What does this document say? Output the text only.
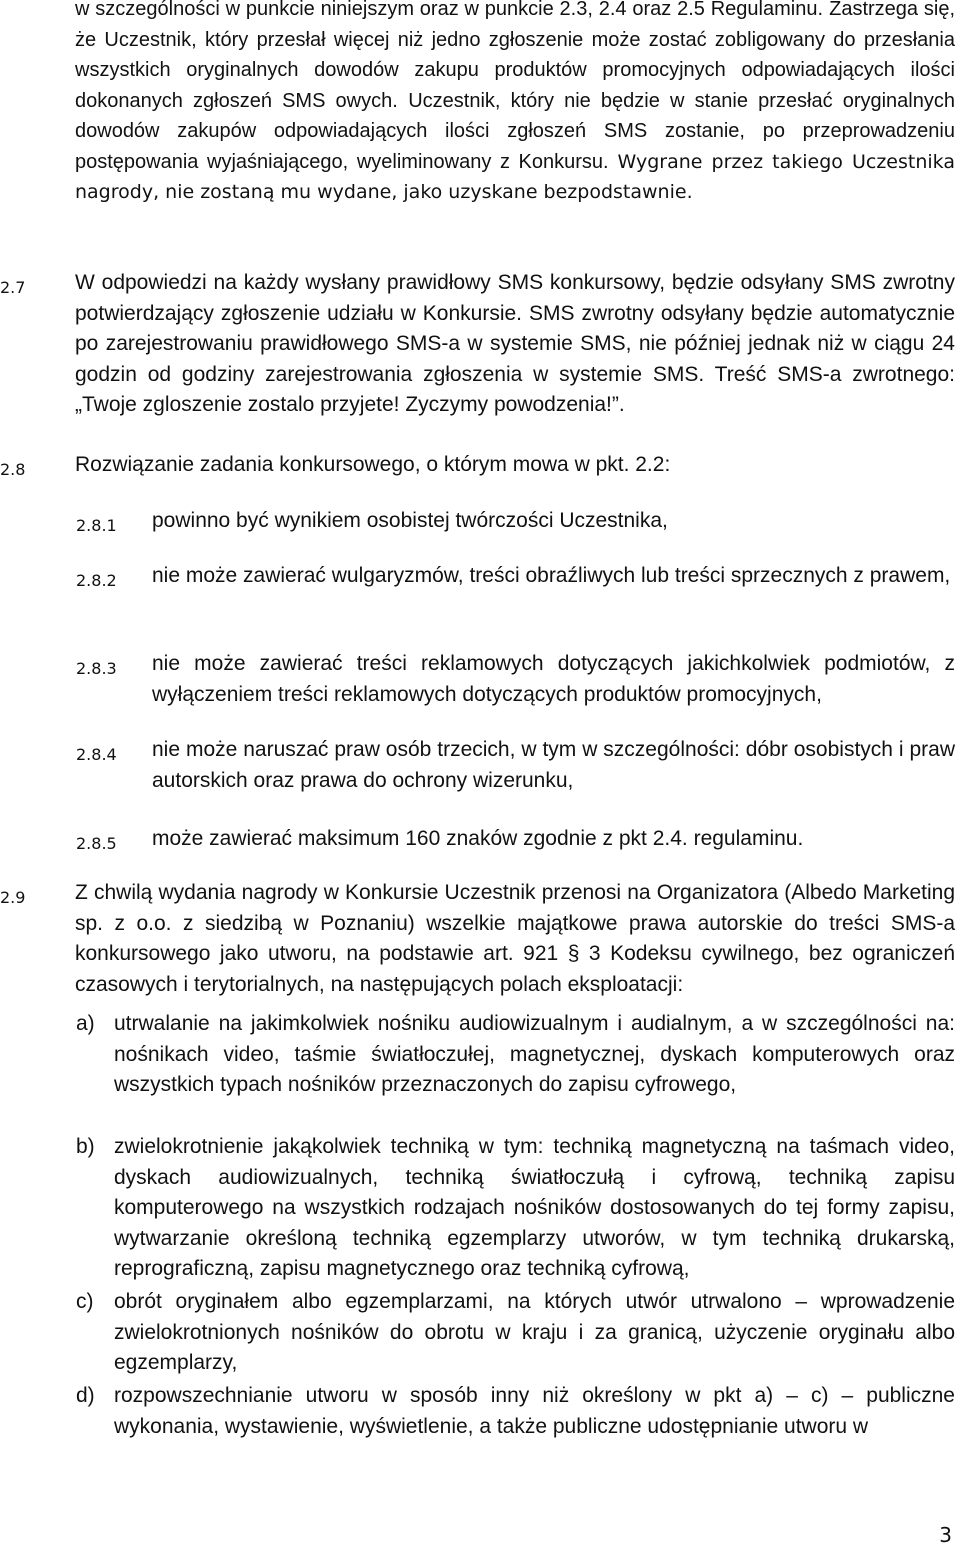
w szczególności w punkcie niniejszym oraz w punkcie 2.3, 2.4 oraz 2.5 Regulaminu. Zastrzega się, że Uczestnik, który przesłał więcej niż jedno zgłoszenie może zostać zobligowany do przesłania wszystkich oryginalnych dowodów zakupu produktów promocyjnych odpowiadających ilości dokonanych zgłoszeń SMS owych. Uczestnik, który nie będzie w stanie przesłać oryginalnych dowodów zakupów odpowiadających ilości zgłoszeń SMS zostanie, po przeprowadzeniu postępowania wyjaśniającego, wyeliminowany z Konkursu. Wygrane przez takiego Uczestnika nagrody, nie zostaną mu wydane, jako uzyskane bezpodstawnie.

2.7 W odpowiedzi na każdy wysłany prawidłowy SMS konkursowy, będzie odsyłany SMS zwrotny potwierdzający zgłoszenie udziału w Konkursie. SMS zwrotny odsyłany będzie automatycznie po zarejestrowaniu prawidłowego SMS-a w systemie SMS, nie później jednak niż w ciągu 24 godzin od godziny zarejestrowania zgłoszenia w systemie SMS. Treść SMS-a zwrotnego: „Twoje zgloszenie zostalo przyjete! Zyczymy powodzenia!”.

2.8 Rozwiązanie zadania konkursowego, o którym mowa w pkt. 2.2:

2.8.1 powinno być wynikiem osobistej twórczości Uczestnika,

2.8.2 nie może zawierać wulgaryzmów, treści obraźliwych lub treści sprzecznych z prawem,

2.8.3 nie może zawierać treści reklamowych dotyczących jakichkolwiek podmiotów, z wyłączeniem treści reklamowych dotyczących produktów promocyjnych,

2.8.4 nie może naruszać praw osób trzecich, w tym w szczególności: dóbr osobistych i praw autorskich oraz prawa do ochrony wizerunku,

2.8.5 może zawierać maksimum 160 znaków zgodnie z pkt 2.4. regulaminu.

2.9 Z chwilą wydania nagrody w Konkursie Uczestnik przenosi na Organizatora (Albedo Marketing sp. z o.o. z siedzibą w Poznaniu) wszelkie majątkowe prawa autorskie do treści SMS-a konkursowego jako utworu, na podstawie art. 921 § 3 Kodeksu cywilnego, bez ograniczeń czasowych i terytorialnych, na następujących polach eksploatacji:

a) utrwalanie na jakimkolwiek nośniku audiowizualnym i audialnym, a w szczególności na: nośnikach video, taśmie światłoczułej, magnetycznej, dyskach komputerowych oraz wszystkich typach nośników przeznaczonych do zapisu cyfrowego,

b) zwielokrotnienie jakąkolwiek techniką w tym: techniką magnetyczną na taśmach video, dyskach audiowizualnych, techniką światłoczułą i cyfrową, techniką zapisu komputerowego na wszystkich rodzajach nośników dostosowanych do tej formy zapisu, wytwarzanie określoną techniką egzemplarzy utworów, w tym techniką drukarską, reprograficzną, zapisu magnetycznego oraz techniką cyfrową,

c) obrót oryginałem albo egzemplarzami, na których utwór utrwalono – wprowadzenie zwielokrotnionych nośników do obrotu w kraju i za granicą, użyczenie oryginału albo egzemplarzy,

d) rozpowszechnianie utworu w sposób inny niż określony w pkt a) – c) – publiczne wykonania, wystawienie, wyświetlenie, a także publiczne udostępnianie utworu w

3
